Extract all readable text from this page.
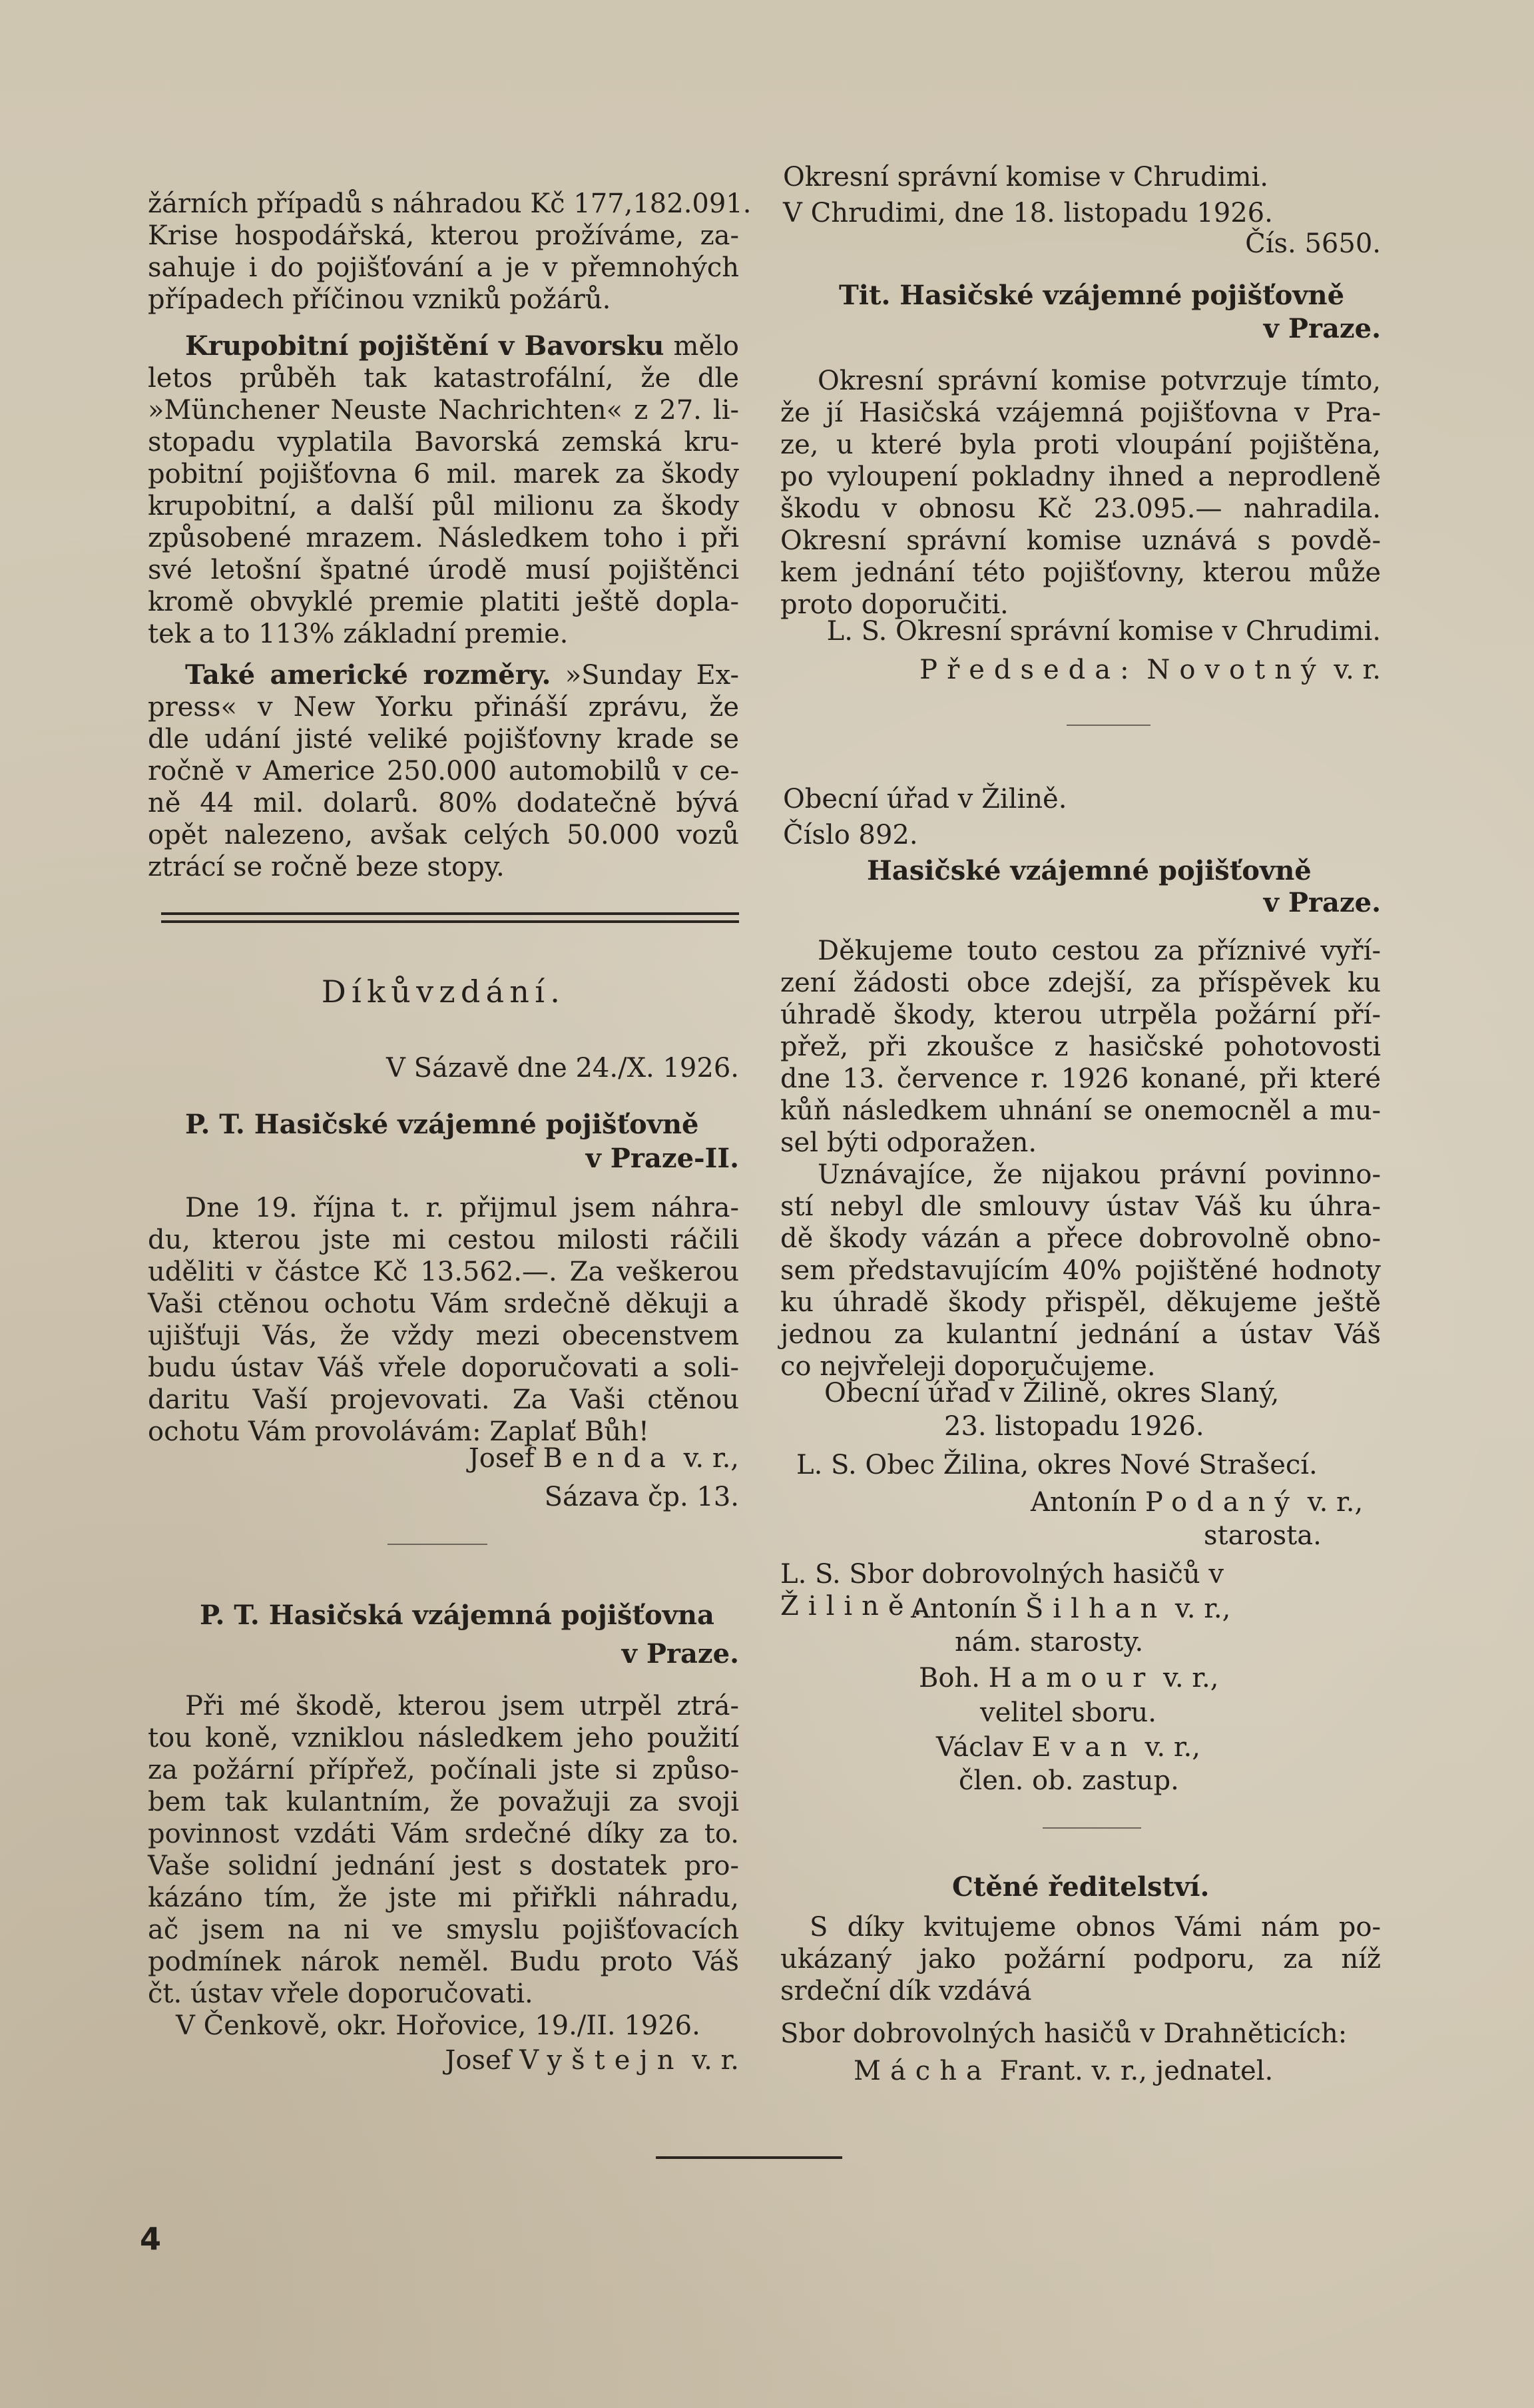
žárních případů s náhradou Kč 177,182.091.
Krise hospodářská, kterou prožíváme, za-
sahuje i do pojišťování a je v přemnohých
případech příčinou vzniků požárů.
Krupobitní pojištění v Bavorsku mělo
letos průběh tak katastrofální, že dle
»Münchener Neuste Nachrichten« z 27. li-
stopadu vyplatila Bavorská zemská kru-
pobitní pojišťovna 6 mil. marek za škody
krupobitní, a další půl milionu za škody
způsobené mrazem. Následkem toho i při
své letošní špatné úrodě musí pojištěnci
kromě obvyklé premie platiti ještě dopla-
tek a to 113% základní premie.
Také americké rozměry. »Sunday Ex-
press« v New Yorku přináší zprávu, že
dle udání jisté veliké pojišťovny krade se
ročně v Americe 250.000 automobilů v ce-
ně 44 mil. dolarů. 80% dodatečně bývá
opět nalezeno, avšak celých 50.000 vozů
ztrácí se ročně beze stopy.
Díkůvzdání.
V Sázavě dne 24./X. 1926.
P. T. Hasičské vzájemné pojišťovně
v Praze-II.
Dne 19. října t. r. přijmul jsem náhra-
du, kterou jste mi cestou milosti ráčili
uděliti v částce Kč 13.562.—. Za veškerou
Vaši ctěnou ochotu Vám srdečně děkuji a
ujišťuji Vás, že vždy mezi obecenstvem
budu ústav Váš vřele doporučovati a soli-
daritu Vaší projevovati. Za Vaši ctěnou
ochotu Vám provolávám: Zaplať Bůh!
Josef Benda v. r.,
Sázava čp. 13.
P. T. Hasičská vzájemná pojišťovna
v Praze.
Při mé škodě, kterou jsem utrpěl ztrá-
tou koně, vzniklou následkem jeho použití
za požární přípřež, počínali jste si způso-
bem tak kulantním, že považuji za svoji
povinnost vzdáti Vám srdečné díky za to.
Vaše solidní jednání jest s dostatek pro-
kázáno tím, že jste mi přiřkli náhradu,
ač jsem na ni ve smyslu pojišťovacích
podmínek nárok neměl. Budu proto Váš
čt. ústav vřele doporučovati.
V Čenkově, okr. Hořovice, 19./II. 1926.
Josef Vyštejn v. r.
Okresní správní komise v Chrudimi.
V Chrudimi, dne 18. listopadu 1926.
Čís. 5650.
Tit. Hasičské vzájemné pojišťovně
v Praze.
Okresní správní komise potvrzuje tímto,
že jí Hasičská vzájemná pojišťovna v Pra-
ze, u které byla proti vloupání pojištěna,
po vyloupení pokladny ihned a neprodleně
škodu v obnosu Kč 23.095.— nahradila.
Okresní správní komise uznává s povdě-
kem jednání této pojišťovny, kterou může
proto doporučiti.
L. S. Okresní správní komise v Chrudimi.
Předseda: Novotný v. r.
Obecní úřad v Žilině.
Číslo 892.
Hasičské vzájemné pojišťovně
v Praze.
Děkujeme touto cestou za příznivé vyří-
zení žádosti obce zdejší, za příspěvek ku
úhradě škody, kterou utrpěla požární pří-
přež, při zkoušce z hasičské pohotovosti
dne 13. července r. 1926 konané, při které
kůň následkem uhnání se onemocněl a mu-
sel býti odporažen.
Uznávajíce, že nijakou právní povinno-
stí nebyl dle smlouvy ústav Váš ku úhra-
dě škody vázán a přece dobrovolně obno-
sem představujícím 40% pojištěné hodnoty
ku úhradě škody přispěl, děkujeme ještě
jednou za kulantní jednání a ústav Váš
co nejvřeleji doporučujeme.
Obecní úřad v Žilině, okres Slaný,
23. listopadu 1926.
L. S. Obec Žilina, okres Nové Strašecí.
Antonín Podaný v. r.,
starosta.
L. S. Sbor dobrovolných hasičů v Žilině.
Antonín Šilhan v. r.,
nám. starosty.
Boh. Hamour v. r.,
velitel sboru.
Václav Evan v. r.,
člen. ob. zastup.
Ctěné ředitelství.
S díky kvitujeme obnos Vámi nám po-
ukázaný jako požární podporu, za níž
srdeční dík vzdává
Sbor dobrovolných hasičů v Drahněticích:
Mácha Frant. v. r., jednatel.
4
